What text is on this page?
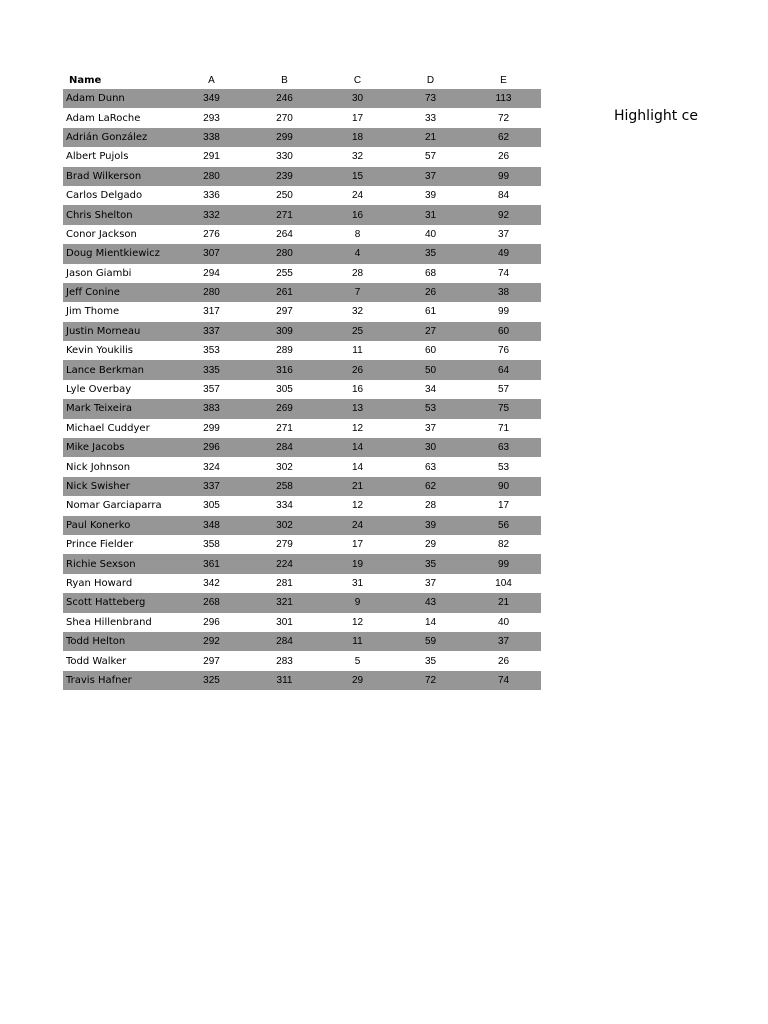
Name	A	B	C	D	E
Adam Dunn	349	246	30	73	113
Adam LaRoche	293	270	17	33	72
Adrián González	338	299	18	21	62
Albert Pujols	291	330	32	57	26
Brad Wilkerson	280	239	15	37	99
Carlos Delgado	336	250	24	39	84
Chris Shelton	332	271	16	31	92
Conor Jackson	276	264	8	40	37
Doug Mientkiewicz	307	280	4	35	49
Jason Giambi	294	255	28	68	74
Jeff Conine	280	261	7	26	38
Jim Thome	317	297	32	61	99
Justin Morneau	337	309	25	27	60
Kevin Youkilis	353	289	11	60	76
Lance Berkman	335	316	26	50	64
Lyle Overbay	357	305	16	34	57
Mark Teixeira	383	269	13	53	75
Michael Cuddyer	299	271	12	37	71
Mike Jacobs	296	284	14	30	63
Nick Johnson	324	302	14	63	53
Nick Swisher	337	258	21	62	90
Nomar Garciaparra	305	334	12	28	17
Paul Konerko	348	302	24	39	56
Prince Fielder	358	279	17	29	82
Richie Sexson	361	224	19	35	99
Ryan Howard	342	281	31	37	104
Scott Hatteberg	268	321	9	43	21
Shea Hillenbrand	296	301	12	14	40
Todd Helton	292	284	11	59	37
Todd Walker	297	283	5	35	26
Travis Hafner	325	311	29	72	74
Highlight ce
